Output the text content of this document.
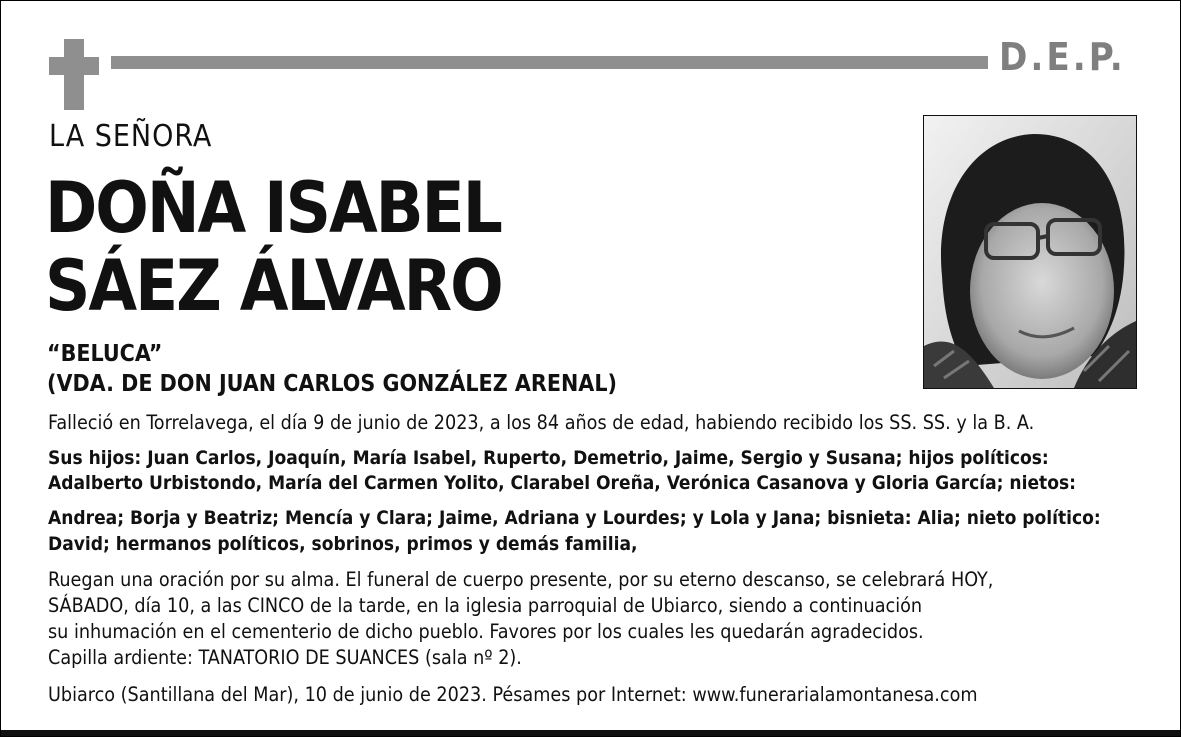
D.E.P.
LA SEÑORA
DOÑA ISABEL
SÁEZ ÁLVARO
“BELUCA”
(VDA. DE DON JUAN CARLOS GONZÁLEZ ARENAL)
Falleció en Torrelavega, el día 9 de junio de 2023, a los 84 años de edad, habiendo recibido los SS. SS. y la B. A.
Sus hijos: Juan Carlos, Joaquín, María Isabel, Ruperto, Demetrio, Jaime, Sergio y Susana; hijos políticos:
Adalberto Urbistondo, María del Carmen Yolito, Clarabel Oreña, Verónica Casanova y Gloria García; nietos:
Andrea; Borja y Beatriz; Mencía y Clara; Jaime, Adriana y Lourdes; y Lola y Jana; bisnieta: Alia; nieto político:
David; hermanos políticos, sobrinos, primos y demás familia,
Ruegan una oración por su alma. El funeral de cuerpo presente, por su eterno descanso, se celebrará HOY,
SÁBADO, día 10, a las CINCO de la tarde, en la iglesia parroquial de Ubiarco, siendo a continuación
su inhumación en el cementerio de dicho pueblo. Favores por los cuales les quedarán agradecidos.
Capilla ardiente: TANATORIO DE SUANCES (sala nº 2).
Ubiarco (Santillana del Mar), 10 de junio de 2023. Pésames por Internet: www.funerarialamontanesa.com
